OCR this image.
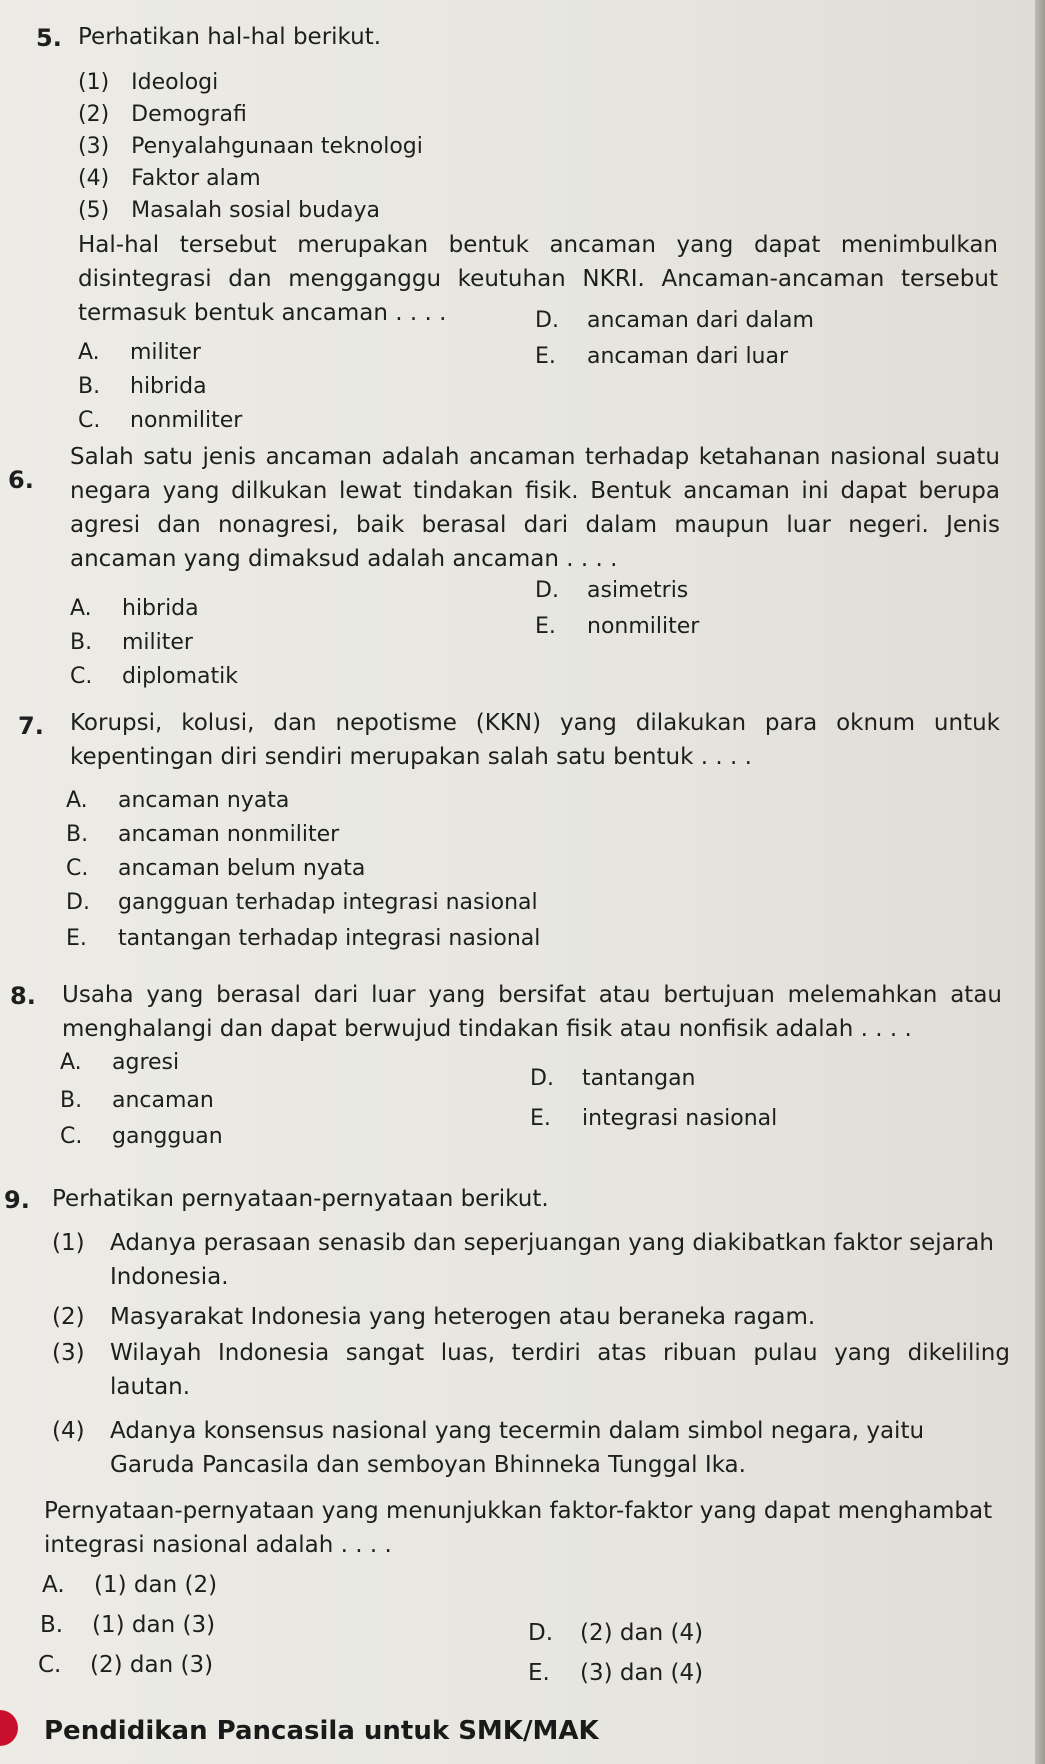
5. Perhatikan hal-hal berikut.
(1) Ideologi
(2) Demografi
(3) Penyalahgunaan teknologi
(4) Faktor alam
(5) Masalah sosial budaya
Hal-hal tersebut merupakan bentuk ancaman yang dapat menimbulkan disintegrasi dan mengganggu keutuhan NKRI. Ancaman-ancaman tersebut termasuk bentuk ancaman . . . .
A. militer
B. hibrida
C. nonmiliter
D. ancaman dari dalam
E. ancaman dari luar
6.
Salah satu jenis ancaman adalah ancaman terhadap ketahanan nasional suatu negara yang dilkukan lewat tindakan fisik. Bentuk ancaman ini dapat berupa agresi dan nonagresi, baik berasal dari dalam maupun luar negeri. Jenis ancaman yang dimaksud adalah ancaman . . . .
A. hibrida
B. militer
C. diplomatik
D. asimetris
E. nonmiliter
7. Korupsi, kolusi, dan nepotisme (KKN) yang dilakukan para oknum untuk kepentingan diri sendiri merupakan salah satu bentuk . . . .
A. ancaman nyata
B. ancaman nonmiliter
C. ancaman belum nyata
D. gangguan terhadap integrasi nasional
E. tantangan terhadap integrasi nasional
8. Usaha yang berasal dari luar yang bersifat atau bertujuan melemahkan atau menghalangi dan dapat berwujud tindakan fisik atau nonfisik adalah . . . .
A. agresi
B. ancaman
C. gangguan
D. tantangan
E. integrasi nasional
9. Perhatikan pernyataan-pernyataan berikut.
(1)	Adanya perasaan senasib dan seperjuangan yang diakibatkan faktor sejarah Indonesia.
(2)	Masyarakat Indonesia yang heterogen atau beraneka ragam.
(3)	Wilayah Indonesia sangat luas, terdiri atas ribuan pulau yang dikeliling lautan.
(4)	Adanya konsensus nasional yang tecermin dalam simbol negara, yaitu Garuda Pancasila dan semboyan Bhinneka Tunggal Ika.
Pernyataan-pernyataan yang menunjukkan faktor-faktor yang dapat menghambat integrasi nasional adalah . . . .
A. (1) dan (2)
B. (1) dan (3)
C. (2) dan (3)
D. (2) dan (4)
E. (3) dan (4)
Pendidikan Pancasila untuk SMK/MAK
